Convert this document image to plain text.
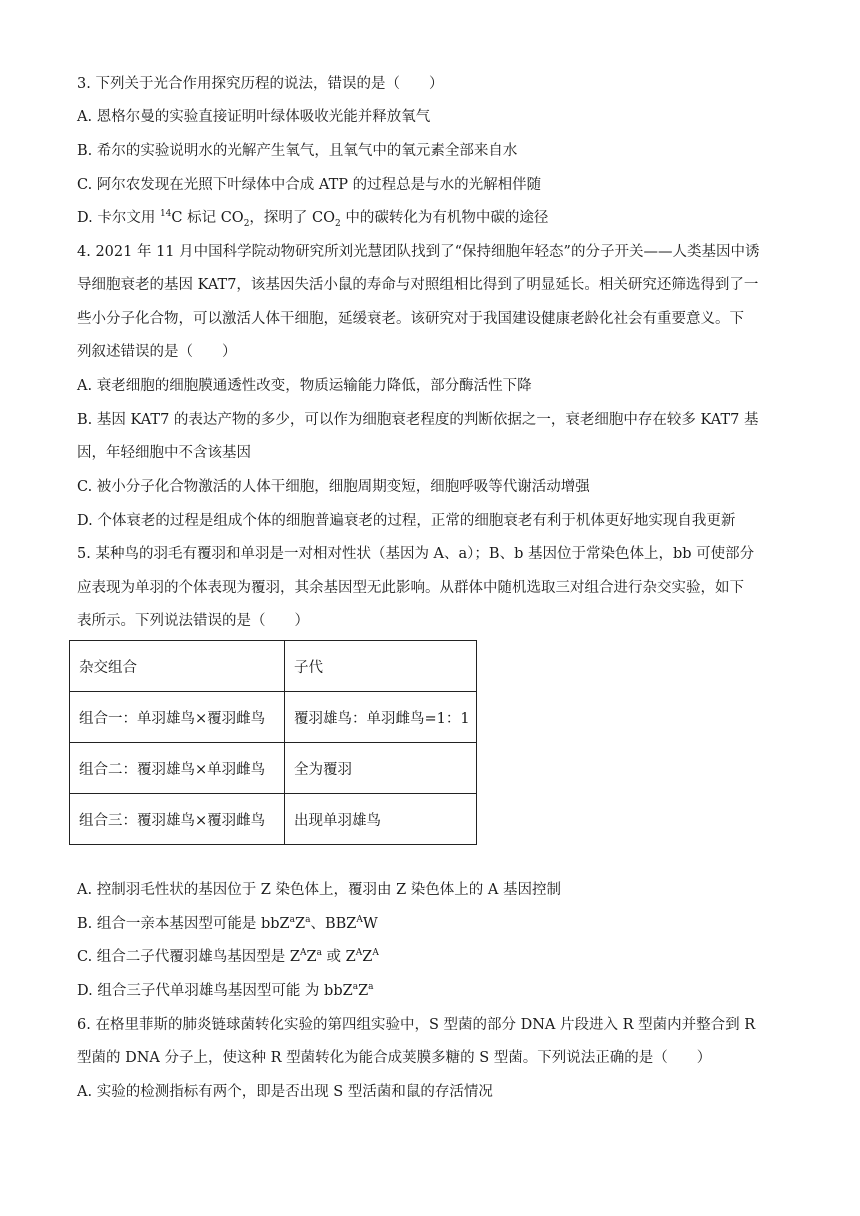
3. 下列关于光合作用探究历程的说法，错误的是（　　）
A. 恩格尔曼的实验直接证明叶绿体吸收光能并释放氧气
B. 希尔的实验说明水的光解产生氧气，且氧气中的氧元素全部来自水
C. 阿尔农发现在光照下叶绿体中合成 ATP 的过程总是与水的光解相伴随
D. 卡尔文用 $^{14}$C 标记 $CO_2$，探明了 $CO_2$ 中的碳转化为有机物中碳的途径
4. 2021 年 11 月中国科学院动物研究所刘光慧团队找到了“保持细胞年轻态”的分子开关——人类基因中诱
导细胞衰老的基因 KAT7，该基因失活小鼠的寿命与对照组相比得到了明显延长。相关研究还筛选得到了一
些小分子化合物，可以激活人体干细胞，延缓衰老。该研究对于我国建设健康老龄化社会有重要意义。下
列叙述错误的是（　　）
A. 衰老细胞的细胞膜通透性改变，物质运输能力降低，部分酶活性下降
B. 基因 KAT7 的表达产物的多少，可以作为细胞衰老程度的判断依据之一，衰老细胞中存在较多 KAT7 基
因，年轻细胞中不含该基因
C. 被小分子化合物激活的人体干细胞，细胞周期变短，细胞呼吸等代谢活动增强
D. 个体衰老的过程是组成个体的细胞普遍衰老的过程，正常的细胞衰老有利于机体更好地实现自我更新
5. 某种鸟的羽毛有覆羽和单羽是一对相对性状（基因为 A、a）；B、b 基因位于常染色体上，bb 可使部分
应表现为单羽的个体表现为覆羽，其余基因型无此影响。从群体中随机选取三对组合进行杂交实验，如下
表所示。下列说法错误的是（　　）
杂交组合	子代
组合一：单羽雄鸟×覆羽雌鸟	覆羽雄鸟：单羽雌鸟=1：1
组合二：覆羽雄鸟×单羽雌鸟	全为覆羽
组合三：覆羽雄鸟×覆羽雌鸟	出现单羽雄鸟
A. 控制羽毛性状的基因位于 Z 染色体上，覆羽由 Z 染色体上的 A 基因控制
B. 组合一亲本基因型可能是 $bbZ^aZ^a$、$BBZ^AW$
C. 组合二子代覆羽雄鸟基因型是 $Z^AZ^a$ 或 $Z^AZ^A$
D. 组合三子代单羽雄鸟基因型可能 为 $bbZ^aZ^a$
6. 在格里菲斯的肺炎链球菌转化实验的第四组实验中，S 型菌的部分 DNA 片段进入 R 型菌内并整合到 R
型菌的 DNA 分子上，使这种 R 型菌转化为能合成荚膜多糖的 S 型菌。下列说法正确的是（　　）
A. 实验的检测指标有两个，即是否出现 S 型活菌和鼠的存活情况
